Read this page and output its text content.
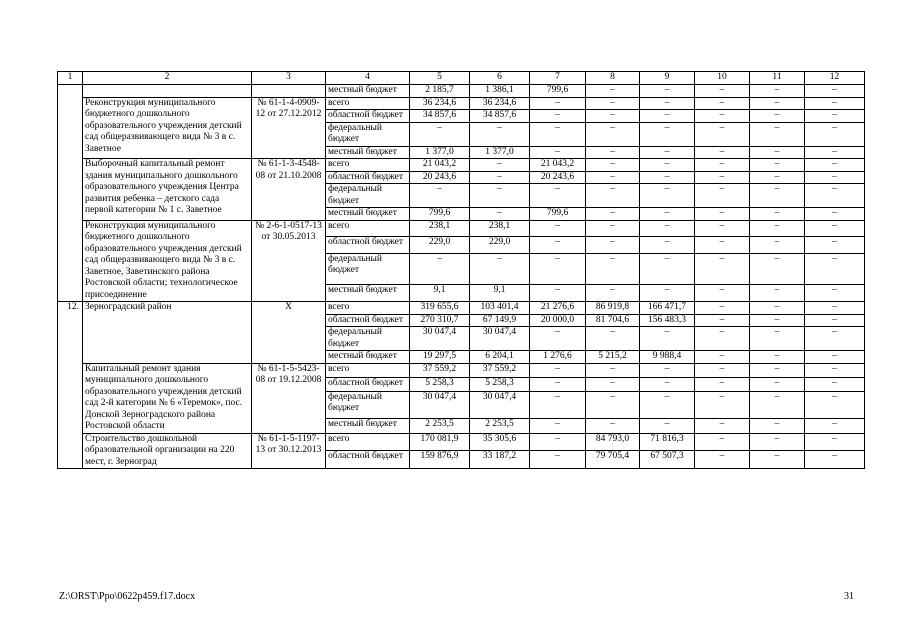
1	2	3	4	5	6	7	8	9	10	11	12
			местный бюджет	2 185,7	1 386,1	799,6	–	–	–	–	–
	Реконструкция муниципального бюджетного дошкольного образовательного учреждения детский сад общеразвивающего вида № 3 в с. Заветное	№ 61-1-4-0909-12 от 27.12.2012	всего	36 234,6	36 234,6	–	–	–	–	–	–
			областной бюджет	34 857,6	34 857,6	–	–	–	–	–	–
			федеральный бюджет	–	–	–	–	–	–	–	–
			местный бюджет	1 377,0	1 377,0	–	–	–	–	–	–
	Выборочный капитальный ремонт здания муниципального дошкольного образовательного учреждения Центра развития ребенка – детского сада первой категории № 1 с. Заветное	№ 61-1-3-4548-08 от 21.10.2008	всего	21 043,2	–	21 043,2	–	–	–	–	–
			областной бюджет	20 243,6	–	20 243,6	–	–	–	–	–
			федеральный бюджет	–	–	–	–	–	–	–	–
			местный бюджет	799,6	–	799,6	–	–	–	–	–
	Реконструкция муниципального бюджетного дошкольного образовательного учреждения детский сад общеразвивающего вида № 3 в с. Заветное, Заветинского района Ростовской области; технологическое присоединение	№ 2-6-1-0517-13 от 30.05.2013	всего	238,1	238,1	–	–	–	–	–	–
			областной бюджет	229,0	229,0	–	–	–	–	–	–
			федеральный бюджет	–	–	–	–	–	–	–	–
			местный бюджет	9,1	9,1	–	–	–	–	–	–
12.	Зерноградский район	Х	всего	319 655,6	103 401,4	21 276,6	86 919,8	166 471,7	–	–	–
			областной бюджет	270 310,7	67 149,9	20 000,0	81 704,6	156 483,3	–	–	–
			федеральный бюджет	30 047,4	30 047,4	–	–	–	–	–	–
			местный бюджет	19 297,5	6 204,1	1 276,6	5 215,2	9 988,4	–	–	–
	Капитальный ремонт здания муниципального дошкольного образовательного учреждения детский сад 2-й категории № 6 «Теремок», пос. Донской Зерноградского района Ростовской области	№ 61-1-5-5423-08 от 19.12.2008	всего	37 559,2	37 559,2	–	–	–	–	–	–
			областной бюджет	5 258,3	5 258,3	–	–	–	–	–	–
			федеральный бюджет	30 047,4	30 047,4	–	–	–	–	–	–
			местный бюджет	2 253,5	2 253,5	–	–	–	–	–	–
	Строительство дошкольной образовательной организации на 220 мест, г. Зерноград	№ 61-1-5-1197-13 от 30.12.2013	всего	170 081,9	35 305,6	–	84 793,0	71 816,3	–	–	–
			областной бюджет	159 876,9	33 187,2	–	79 705,4	67 507,3	–	–	–
Z:\ORST\Ppo\0622p459.f17.docx	31
